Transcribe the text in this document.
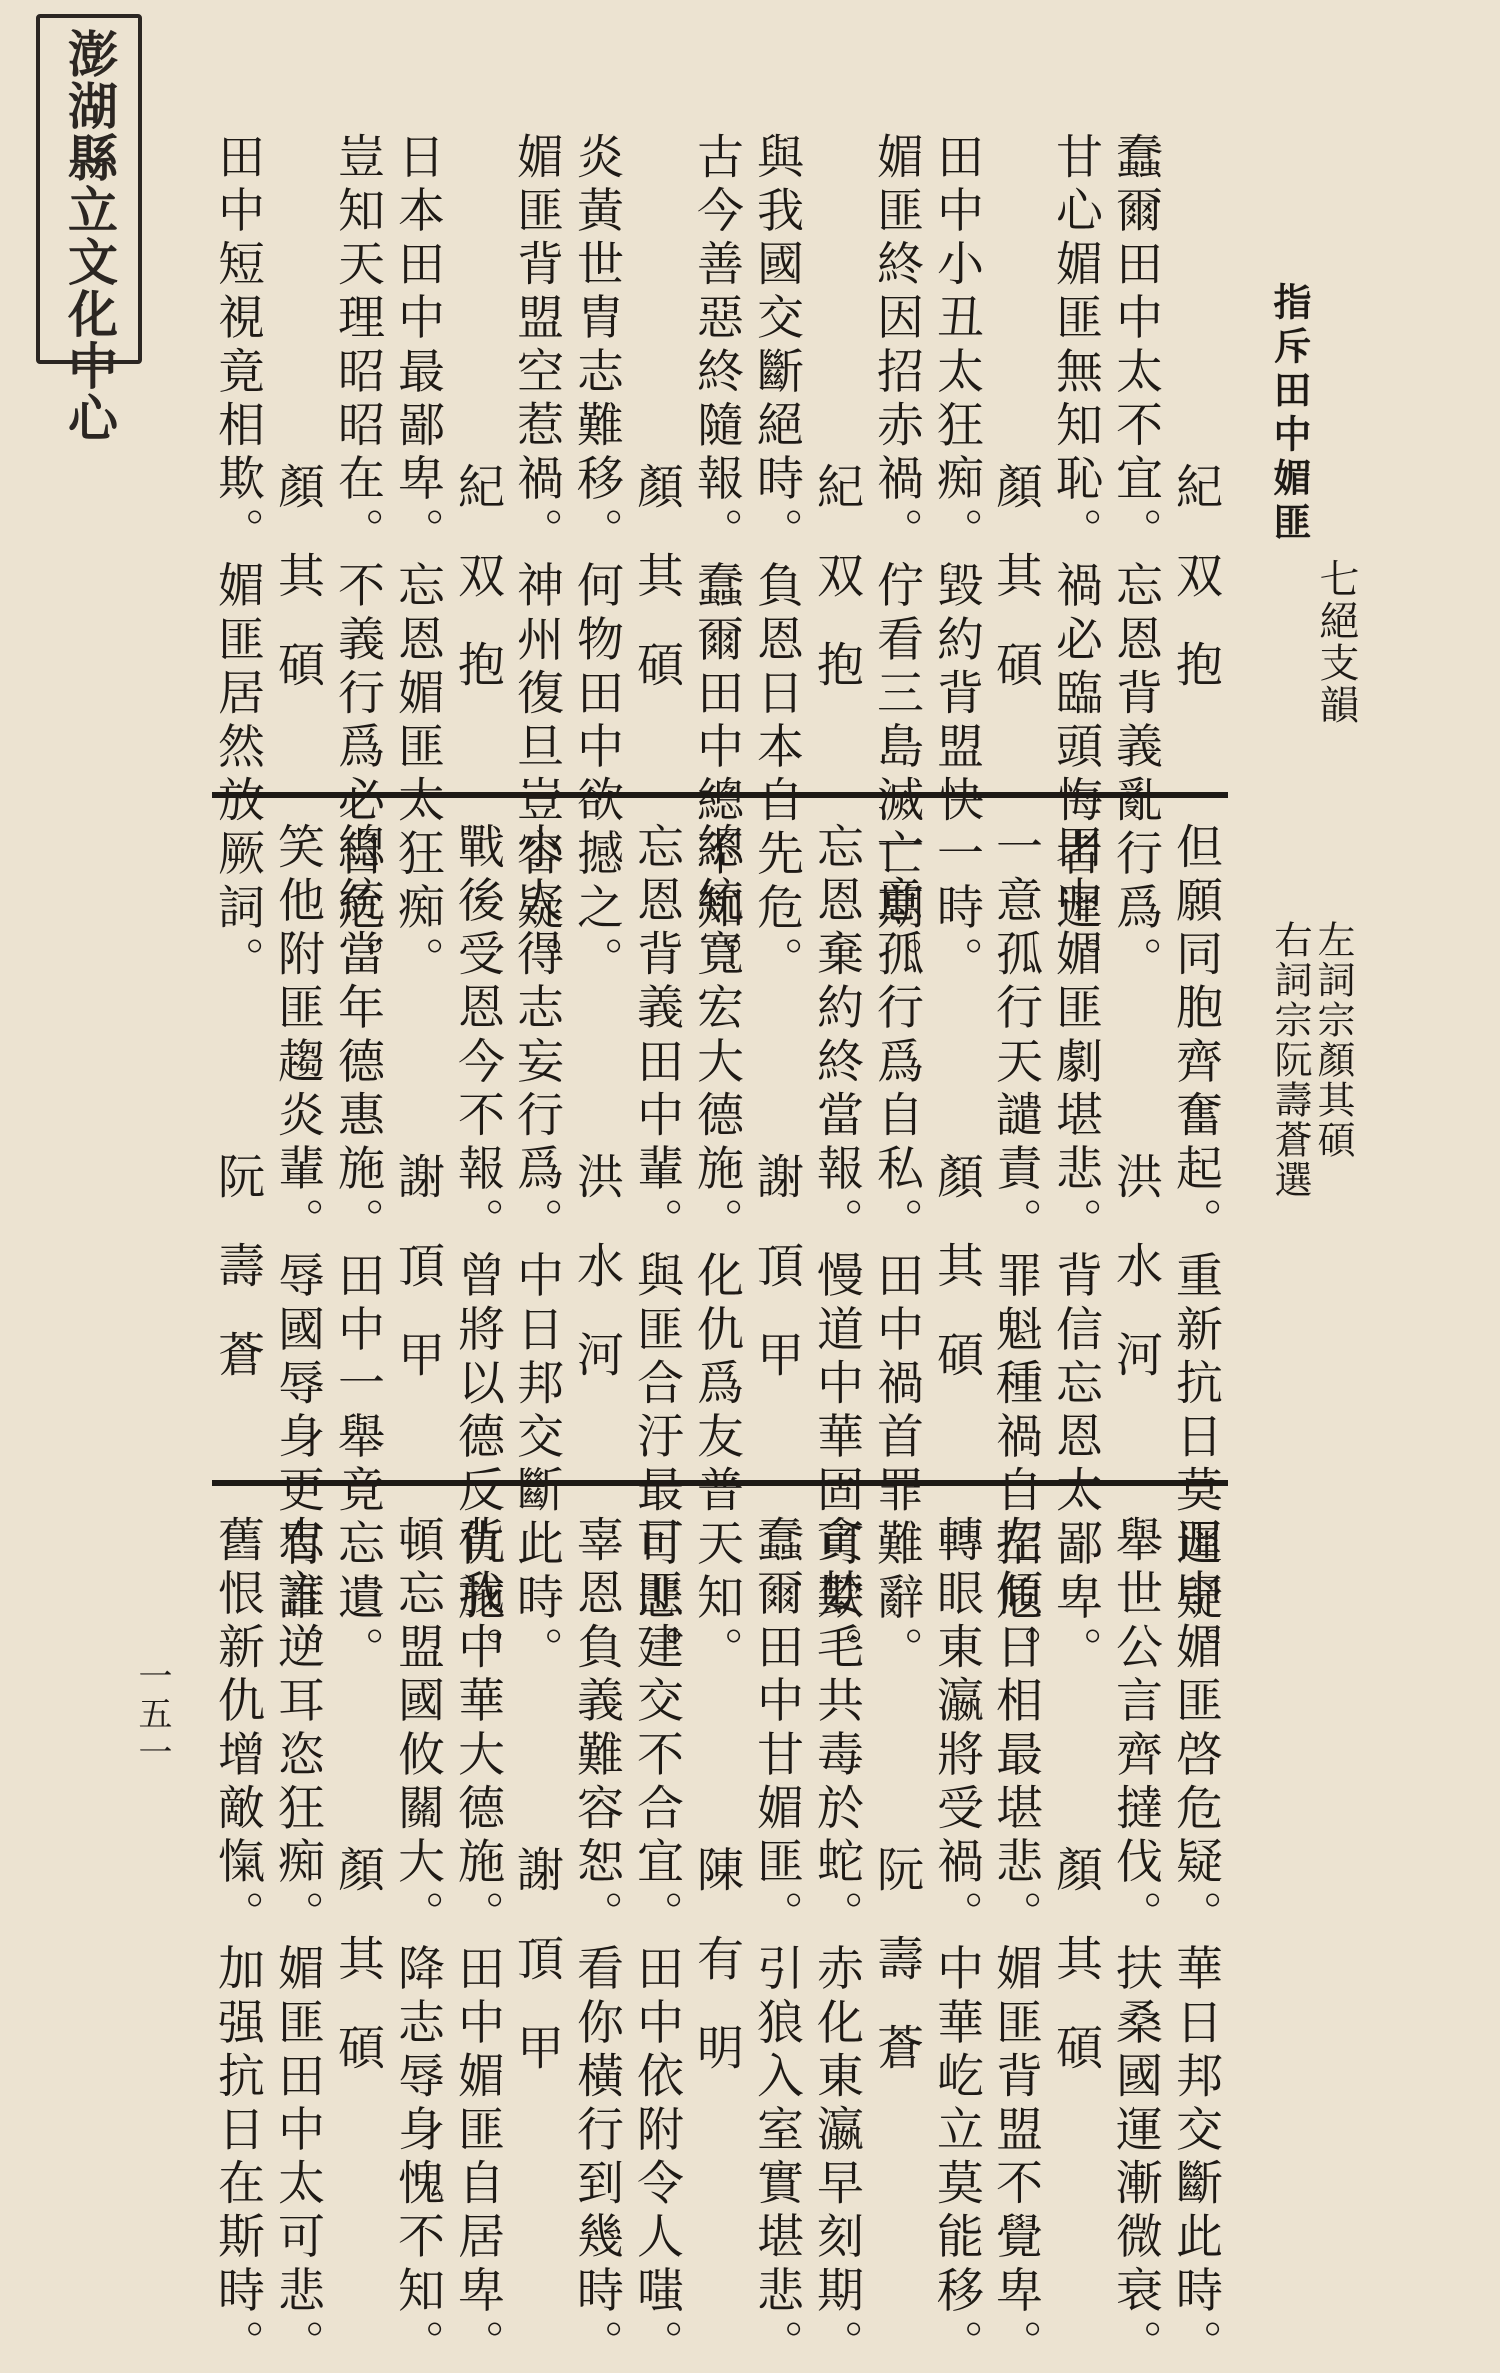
澎湖縣立文化中心	指斥田中媚匪
七絕支韻
左詞宗顏其碩
右詞宗阮壽蒼選
紀双抱
蠢爾田中太不宜。忘恩背義亂行爲。
甘心媚匪無知恥。禍必臨頭悔者遲。
顏其碩
田中小丑太狂痴。毀約背盟快一時。
媚匪終因招赤禍。佇看三島滅亡期。
紀双抱
與我國交斷絕時。負恩日本自先危。
古今善惡終隨報。蠢爾田中總不知。
顏其碩
炎黃世胄志難移。何物田中欲撼之。
媚匪背盟空惹禍。神州復旦豈容疑。
紀双抱
日本田中最鄙卑。忘恩媚匪太狂痴。
豈知天理昭昭在。不義行爲必自危。
顏其碩
田中短視竟相欺。媚匪居然放厥詞。
但願同胞齊奮起。重新抗日莫遲疑。
洪水河
田中媚匪劇堪悲。背信忘恩太鄙卑。
一意孤行天譴責。罪魁種禍自招危。
顏其碩
一意孤行爲自私。田中禍首罪難辭。
忘恩棄約終當報。慢道中華固可欺。
謝頂甲
總統寬宏大德施。化仇爲友普天知。
忘恩背義田中輩。與匪合汙最可悲。
洪水河
小人得志妄行爲。中日邦交斷此時。
戰後受恩今不報。曾將以德反仇施。
謝頂甲
總統當年德惠施。田中一舉竟忘遺。
笑他附匪趨炎輩。辱國辱身更有誰。
阮壽蒼
田中媚匪啓危疑。華日邦交斷此時。
舉世公言齊撻伐。扶桑國運漸微衰。
顏其碩
左傾日相最堪悲。媚匪背盟不覺卑。
轉眼東瀛將受禍。中華屹立莫能移。
阮壽蒼
貪婪毛共毒於蛇。赤化東瀛早刻期。
蠢爾田中甘媚匪。引狼入室實堪悲。
陳有明
日匪建交不合宜。田中依附令人嗤。
辜恩負義難容恕。看你橫行到幾時。
謝頂甲
背我中華大德施。田中媚匪自居卑。
頓忘盟國攸關大。降志辱身愧不知。
顏其碩
忠言逆耳恣狂痴。媚匪田中太可悲。
舊恨新仇增敵愾。加强抗日在斯時。
一五一
